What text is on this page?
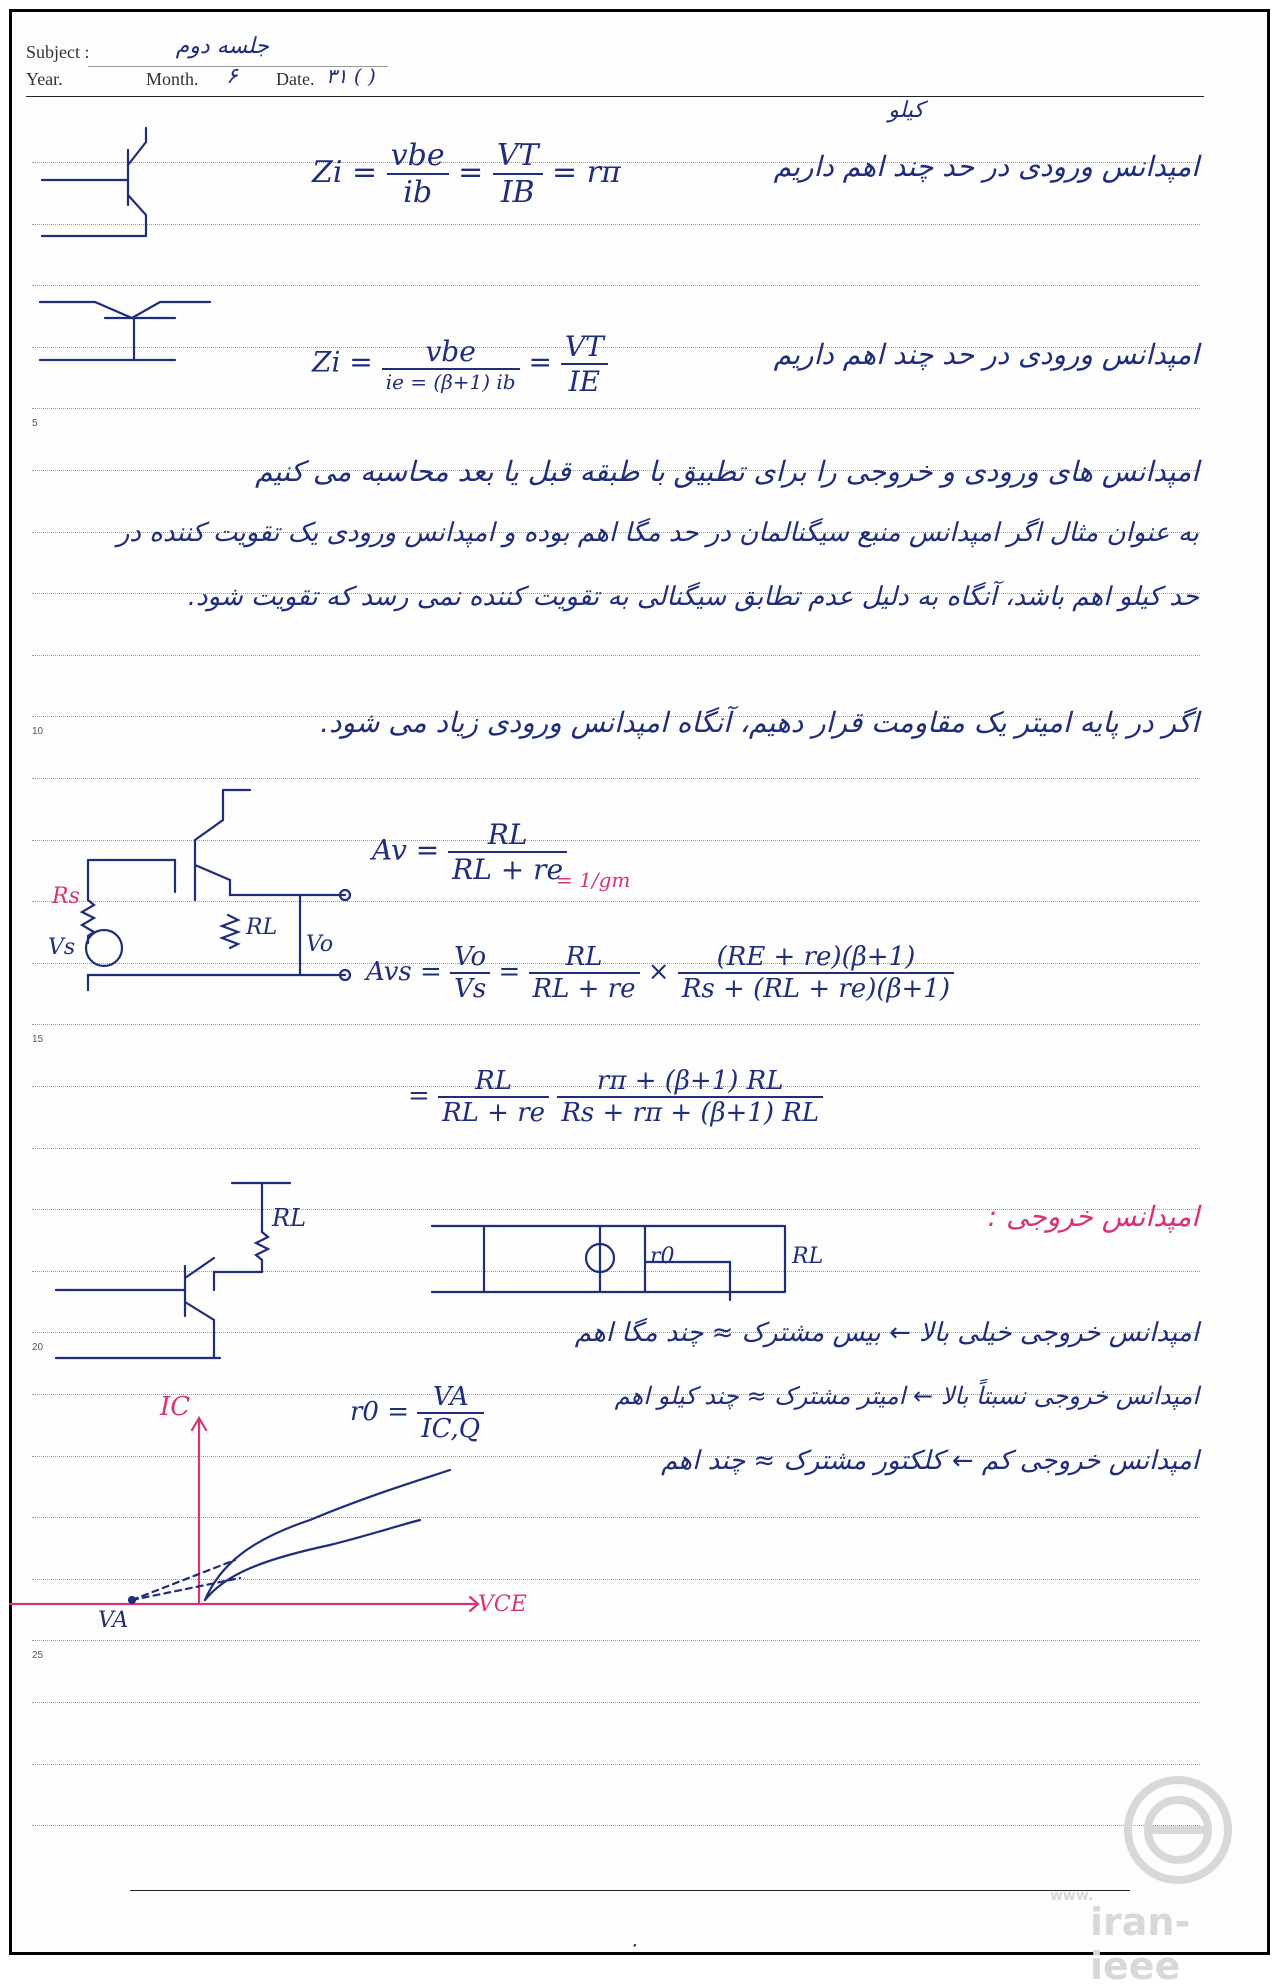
Subject :	جلسه دوم
Year.	Month. ۶ Date. ۳۱ ( )
5
10
15
20
25
$Zi = \frac{\text{vbe}}{ib} = \frac{VT}{IB} = r\pi$	امپدانس ورودی در حد چند اهم داریم
کیلو
$Zi = \frac{\text{vbe}}{ie = (\beta+1) ib} = \frac{VT}{IE}$	امپدانس ورودی در حد چند اهم داریم
امپدانس های ورودی و خروجی را برای تطبیق با طبقه قبل یا بعد محاسبه می کنیم
به عنوان مثال اگر امپدانس منبع سیگنالمان در حد مگا اهم بوده و امپدانس ورودی یک تقویت کننده در
حد کیلو اهم باشد، آنگاه به دلیل عدم تطابق سیگنالی به تقویت کننده نمی رسد که تقویت شود.
اگر در پایه امیتر یک مقاومت قرار دهیم، آنگاه امپدانس ورودی زیاد می شود.
Rs
Vs
RL
Vo
$Av = \frac{RL}{RL + re}$
= 1/gm
Avs = $\frac{Vo}{Vs} = \frac{RL}{RL + re} \times \frac{(RE + re)(\beta+1)}{Rs + (RL + re)(\beta+1)}$
= $\frac{RL}{RL + re}$
$\frac{r\pi + (\beta+1) RL}{Rs + r\pi + (\beta+1) RL}$
RL
r0	RL
امپدانس خروجی :
امپدانس خروجی خیلی بالا ← بیس مشترک ≈ چند مگا اهم
امپدانس خروجی نسبتاً بالا ← امیتر مشترک ≈ چند کیلو اهم
امپدانس خروجی کم ← کلکتور مشترک ≈ چند اهم
$r0 = \frac{VA}{IC,Q}$
IC
VCE
VA
www.
iran-ieee
۰
